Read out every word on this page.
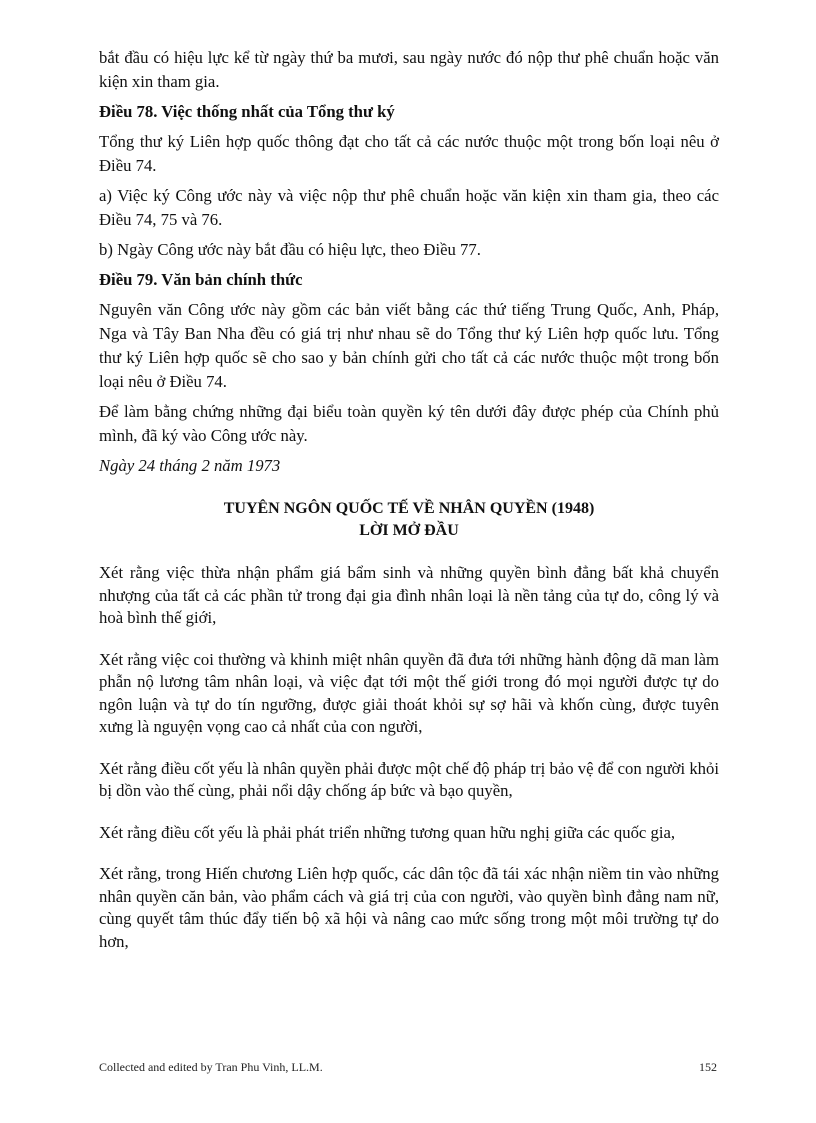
bắt đầu có hiệu lực kể từ ngày thứ ba mươi, sau ngày nước đó nộp thư phê chuẩn hoặc văn kiện xin tham gia.

Điều 78. Việc thống nhất của Tổng thư ký

Tổng thư ký Liên hợp quốc thông đạt cho tất cả các nước thuộc một trong bốn loại nêu ở Điều 74.

a) Việc ký Công ước này và việc nộp thư phê chuẩn hoặc văn kiện xin tham gia, theo các Điều 74, 75 và 76.

b) Ngày Công ước này bắt đầu có hiệu lực, theo Điều 77.

Điều 79. Văn bản chính thức

Nguyên văn Công ước này gồm các bản viết bằng các thứ tiếng Trung Quốc, Anh, Pháp, Nga và Tây Ban Nha đều có giá trị như nhau sẽ do Tổng thư ký Liên hợp quốc lưu. Tổng thư ký Liên hợp quốc sẽ cho sao y bản chính gửi cho tất cả các nước thuộc một trong bốn loại nêu ở Điều 74.

Để làm bằng chứng những đại biểu toàn quyền ký tên dưới đây được phép của Chính phủ mình, đã ký vào Công ước này.

Ngày 24 tháng 2 năm 1973
TUYÊN NGÔN QUỐC TẾ VỀ NHÂN QUYỀN (1948)
LỜI MỞ ĐẦU

Xét rằng việc thừa nhận phẩm giá bẩm sinh và những quyền bình đẳng bất khả chuyển nhượng của tất cả các phần tử trong đại gia đình nhân loại là nền tảng của tự do, công lý và hoà bình thế giới,

Xét rằng việc coi thường và khinh miệt nhân quyền đã đưa tới những hành động dã man làm phẫn nộ lương tâm nhân loại, và việc đạt tới một thế giới trong đó mọi người được tự do ngôn luận và tự do tín ngưỡng, được giải thoát khỏi sự sợ hãi và khốn cùng, được tuyên xưng là nguyện vọng cao cả nhất của con người,

Xét rằng điều cốt yếu là nhân quyền phải được một chế độ pháp trị bảo vệ để con người khỏi bị dồn vào thế cùng, phải nổi dậy chống áp bức và bạo quyền,

Xét rằng điều cốt yếu là phải phát triển những tương quan hữu nghị giữa các quốc gia,

Xét rằng, trong Hiến chương Liên hợp quốc, các dân tộc đã tái xác nhận niềm tin vào những nhân quyền căn bản, vào phẩm cách và giá trị của con người, vào quyền bình đẳng nam nữ, cùng quyết tâm thúc đẩy tiến bộ xã hội và nâng cao mức sống trong một môi trường tự do hơn,

Collected and edited by Tran Phu Vinh, LL.M.	152
